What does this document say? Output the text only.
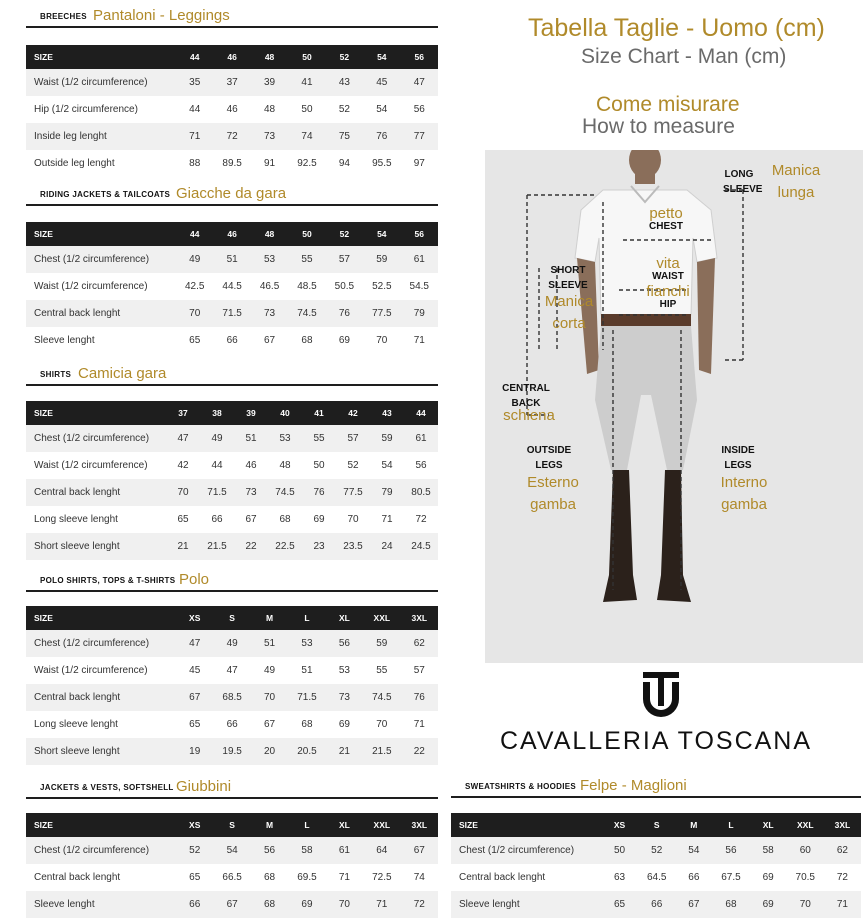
BREECHES Pantaloni - Leggings
SIZE	44	46	48	50	52	54	56
Waist (1/2 circumference)	35	37	39	41	43	45	47
Hip (1/2 circumference)	44	46	48	50	52	54	56
Inside leg lenght	71	72	73	74	75	76	77
Outside leg lenght	88	89.5	91	92.5	94	95.5	97
RIDING JACKETS & TAILCOATS Giacche da gara
SIZE	44	46	48	50	52	54	56
Chest (1/2 circumference)	49	51	53	55	57	59	61
Waist (1/2 circumference)	42.5	44.5	46.5	48.5	50.5	52.5	54.5
Central back lenght	70	71.5	73	74.5	76	77.5	79
Sleeve lenght	65	66	67	68	69	70	71
SHIRTS Camicia gara
SIZE	37	38	39	40	41	42	43	44
Chest (1/2 circumference)	47	49	51	53	55	57	59	61
Waist (1/2 circumference)	42	44	46	48	50	52	54	56
Central back lenght	70	71.5	73	74.5	76	77.5	79	80.5
Long sleeve lenght	65	66	67	68	69	70	71	72
Short sleeve lenght	21	21.5	22	22.5	23	23.5	24	24.5
POLO SHIRTS, TOPS & T-SHIRTS Polo
SIZE	XS	S	M	L	XL	XXL	3XL
Chest (1/2 circumference)	47	49	51	53	56	59	62
Waist (1/2 circumference)	45	47	49	51	53	55	57
Central back lenght	67	68.5	70	71.5	73	74.5	76
Long sleeve lenght	65	66	67	68	69	70	71
Short sleeve lenght	19	19.5	20	20.5	21	21.5	22
JACKETS & VESTS, SOFTSHELL Giubbini
SIZE	XS	S	M	L	XL	XXL	3XL
Chest (1/2 circumference)	52	54	56	58	61	64	67
Central back lenght	65	66.5	68	69.5	71	72.5	74
Sleeve lenght	66	67	68	69	70	71	72
Tabella Taglie - Uomo (cm)
Size Chart - Man (cm)
Come misurare
How to measure
LONG SLEEVE
Manica lunga
petto
CHEST
SHORT SLEEVE
Manica corta
vita
WAIST
fianchi
HIP
CENTRAL BACK
schiena
OUTSIDE LEGS
Esterno gamba
INSIDE LEGS
Interno gamba
CAVALLERIA TOSCANA
SWEATSHIRTS & HOODIES Felpe - Maglioni
SIZE	XS	S	M	L	XL	XXL	3XL
Chest (1/2 circumference)	50	52	54	56	58	60	62
Central back lenght	63	64.5	66	67.5	69	70.5	72
Sleeve lenght	65	66	67	68	69	70	71
